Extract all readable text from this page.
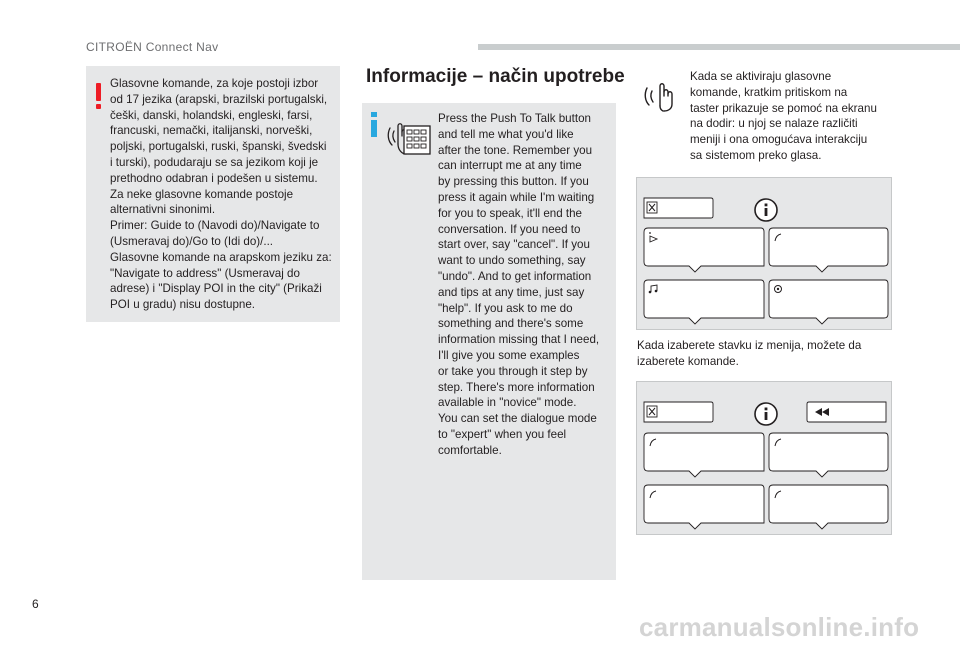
CITROËN Connect Nav
Glasovne komande, za koje postoji izbor
od 17 jezika (arapski, brazilski portugalski,
češki, danski, holandski, engleski, farsi,
francuski, nemački, italijanski, norveški,
poljski, portugalski, ruski, španski, švedski
i turski), podudaraju se sa jezikom koji je
prethodno odabran i podešen u sistemu.
Za neke glasovne komande postoje
alternativni sinonimi.
Primer: Guide to (Navodi do)/Navigate to
(Usmeravaj do)/Go to (Idi do)/...
Glasovne komande na arapskom jeziku za:
"Navigate to address" (Usmeravaj do
adrese) i "Display POI in the city" (Prikaži
POI u gradu) nisu dostupne.
Informacije – način upotrebe
Press the Push To Talk button
and tell me what you'd like
after the tone. Remember you
can interrupt me at any time
by pressing this button. If you
press it again while I'm waiting
for you to speak, it'll end the
conversation. If you need to
start over, say "cancel". If you
want to undo something, say
"undo". And to get information
and tips at any time, just say
"help". If you ask to me do
something and there's some
information missing that I need,
I'll give you some examples
or take you through it step by
step. There's more information
available in "novice" mode.
You can set the dialogue mode
to "expert" when you feel
comfortable.
Kada se aktiviraju glasovne
komande, kratkim pritiskom na
taster prikazuje se pomoć na ekranu
na dodir: u njoj se nalaze različiti
meniji i ona omogućava interakciju
sa sistemom preko glasa.
Kada izaberete stavku iz menija, možete da
izaberete komande.
6
carmanualsonline.info
